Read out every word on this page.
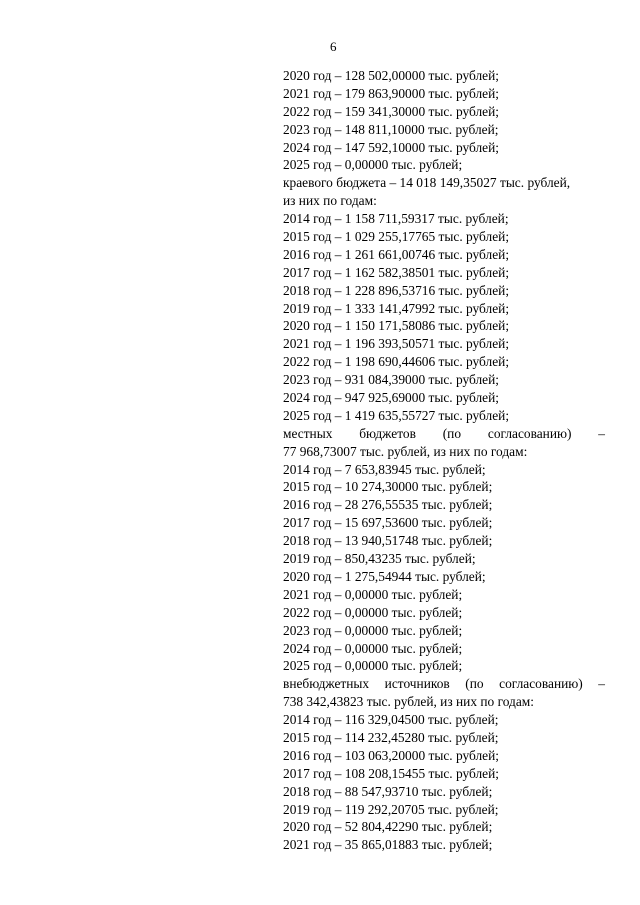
6
2020 год – 128 502,00000 тыс. рублей;
2021 год – 179 863,90000 тыс. рублей;
2022 год – 159 341,30000 тыс. рублей;
2023 год – 148 811,10000 тыс. рублей;
2024 год – 147 592,10000 тыс. рублей;
2025 год – 0,00000 тыс. рублей;
краевого бюджета – 14 018 149,35027 тыс. рублей,
из них по годам:
2014 год – 1 158 711,59317 тыс. рублей;
2015 год – 1 029 255,17765 тыс. рублей;
2016 год – 1 261 661,00746 тыс. рублей;
2017 год – 1 162 582,38501 тыс. рублей;
2018 год – 1 228 896,53716 тыс. рублей;
2019 год – 1 333 141,47992 тыс. рублей;
2020 год – 1 150 171,58086 тыс. рублей;
2021 год – 1 196 393,50571 тыс. рублей;
2022 год – 1 198 690,44606 тыс. рублей;
2023 год – 931 084,39000 тыс. рублей;
2024 год – 947 925,69000 тыс. рублей;
2025 год – 1 419 635,55727 тыс. рублей;
местных бюджетов (по согласованию) –
77 968,73007 тыс. рублей, из них по годам:
2014 год – 7 653,83945 тыс. рублей;
2015 год – 10 274,30000 тыс. рублей;
2016 год – 28 276,55535 тыс. рублей;
2017 год – 15 697,53600 тыс. рублей;
2018 год – 13 940,51748 тыс. рублей;
2019 год – 850,43235 тыс. рублей;
2020 год – 1 275,54944 тыс. рублей;
2021 год – 0,00000 тыс. рублей;
2022 год – 0,00000 тыс. рублей;
2023 год – 0,00000 тыс. рублей;
2024 год – 0,00000 тыс. рублей;
2025 год – 0,00000 тыс. рублей;
внебюджетных источников (по согласованию) –
738 342,43823 тыс. рублей, из них по годам:
2014 год – 116 329,04500 тыс. рублей;
2015 год – 114 232,45280 тыс. рублей;
2016 год – 103 063,20000 тыс. рублей;
2017 год – 108 208,15455 тыс. рублей;
2018 год – 88 547,93710 тыс. рублей;
2019 год – 119 292,20705 тыс. рублей;
2020 год – 52 804,42290 тыс. рублей;
2021 год – 35 865,01883 тыс. рублей;
